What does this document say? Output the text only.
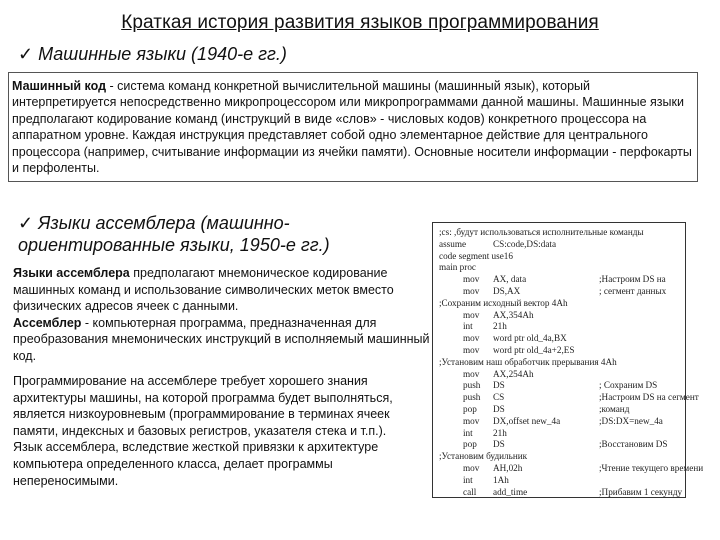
Краткая история развития языков программирования
✓ Машинные языки (1940-е гг.)

Машинный код - система команд конкретной вычислительной машины (машинный язык), который интерпретируется непосредственно микропроцессором или микропрограммами данной машины. Машинные языки предполагают кодирование команд (инструкций в виде «слов» - числовых кодов) конкретного процессора на аппаратном уровне. Каждая инструкция представляет собой одно элементарное действие для центрального процессора (например, считывание информации из ячейки памяти). Основные носители информации - перфокарты и перфоленты.

✓ Языки ассемблера (машинно-ориентированные языки, 1950-е гг.)

Языки ассемблера предполагают мнемоническое кодирование машинных команд и использование символических меток вместо физических адресов ячеек с данными.
Ассемблер - компьютерная программа, предназначенная для преобразования мнемонических инструкций в исполняемый машинный код.

Программирование на ассемблере требует хорошего знания архитектуры машины, на которой программа будет выполняться, является низкоуровневым (программирование в терминах ячеек памяти, индексных и базовых регистров, указателя стека и т.п.).
Язык ассемблера, вследствие жесткой привязки к архитектуре компьютера определенного класса, делает программы непереносимыми.

;cs: ,будут использоваться исполнительные команды
assume	CS:code,DS:data
code segment use16
main proc
mov AX, data	;Настроим DS на
mov DS,AX	; сегмент данных
;Сохраним исходный вектор 4Ah
mov AX,354Ah
int 21h
mov word ptr old_4a,BX
mov word ptr old_4a+2,ES
;Установим наш обработчик прерывания 4Ah
mov AX,254Ah
push DS	; Сохраним DS
push CS	;Настроим DS на сегмент
pop DS	;команд
mov DX,offset new_4a	;DS:DX=new_4a
int 21h
pop DS	;Восстановим DS
;Установим будильник
mov AH,02h	;Чтение текущего времени
int 1Ah
call add_time	;Прибавим 1 секунду
